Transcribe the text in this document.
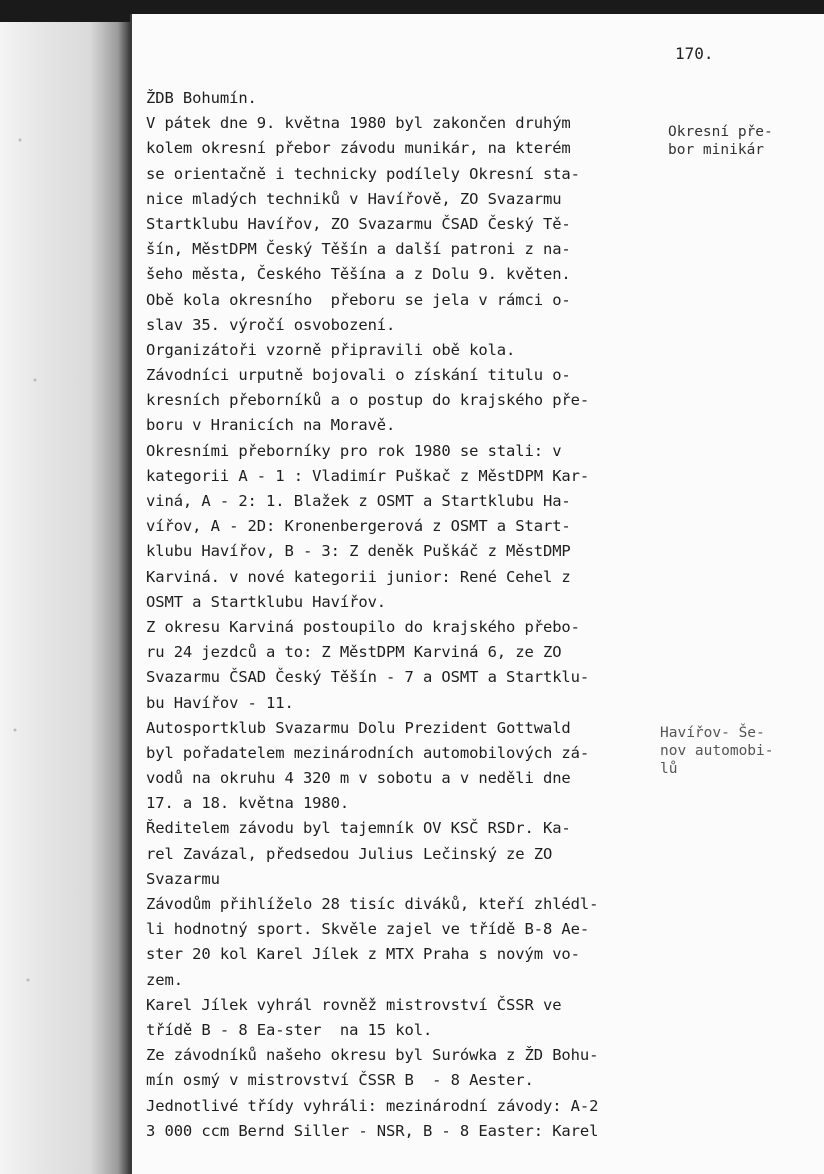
170.
ŽDB Bohumín.
V pátek dne 9. května 1980 byl zakončen druhým
kolem okresní přebor závodu munikár, na kterém
se orientačně i technicky podílely Okresní sta-
nice mladých techniků v Havířově, ZO Svazarmu
Startklubu Havířov, ZO Svazarmu ČSAD Český Tě-
šín, MěstDPM Český Těšín a další patroni z na-
šeho města, Českého Těšína a z Dolu 9. květen.
Obě kola okresního  přeboru se jela v rámci o-
slav 35. výročí osvobození.
Organizátoři vzorně připravili obě kola.
Závodníci urputně bojovali o získání titulu o-
kresních přeborníků a o postup do krajského pře-
boru v Hranicích na Moravě.
Okresními přeborníky pro rok 1980 se stali: v
kategorii A - 1 : Vladimír Puškač z MěstDPM Kar-
viná, A - 2: 1. Blažek z OSMT a Startklubu Ha-
vířov, A - 2D: Kronenbergerová z OSMT a Start-
klubu Havířov, B - 3: Z deněk Puškáč z MěstDMP
Karviná. v nové kategorii junior: René Cehel z
OSMT a Startklubu Havířov.
Z okresu Karviná postoupilo do krajského přebo-
ru 24 jezdců a to: Z MěstDPM Karviná 6, ze ZO
Svazarmu ČSAD Český Těšín - 7 a OSMT a Startklu-
bu Havířov - 11.
Autosportklub Svazarmu Dolu Prezident Gottwald
byl pořadatelem mezinárodních automobilových zá-
vodů na okruhu 4 320 m v sobotu a v neděli dne
17. a 18. května 1980.
Ředitelem závodu byl tajemník OV KSČ RSDr. Ka-
rel Zavázal, předsedou Julius Lečinský ze ZO
Svazarmu
Závodům přihlíželo 28 tisíc diváků, kteří zhlédl-
li hodnotný sport. Skvěle zajel ve třídě B-8 Ae-
ster 20 kol Karel Jílek z MTX Praha s novým vo-
zem.
Karel Jílek vyhrál rovněž mistrovství ČSSR ve
třídě B - 8 Ea-ster  na 15 kol.
Ze závodníků našeho okresu byl Surówka z ŽD Bohu-
mín osmý v mistrovství ČSSR B  - 8 Aester.
Jednotlivé třídy vyhráli: mezinárodní závody: A-2
3 000 ccm Bernd Siller - NSR, B - 8 Easter: Karel
Okresní pře-
bor minikár
Havířov- Še-
nov automobi-
lů
